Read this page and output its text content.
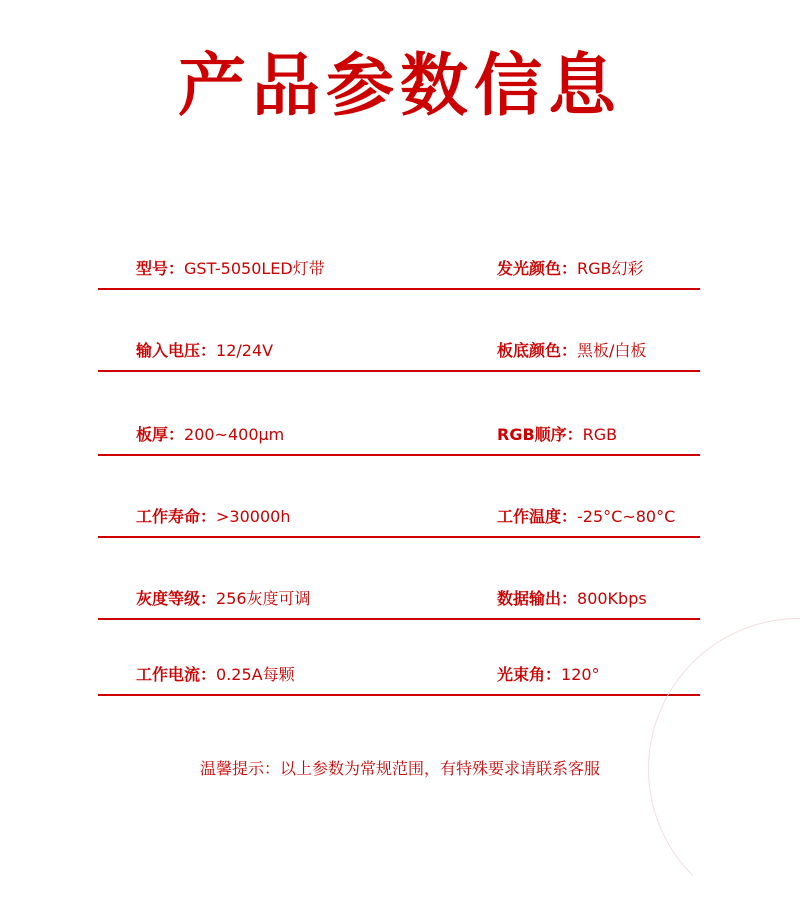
产品参数信息
型号：GST-5050LED灯带	发光颜色：RGB幻彩
输入电压：12/24V	板底颜色：黑板/白板
板厚：200~400μm	RGB顺序：RGB
工作寿命：>30000h	工作温度：-25°C~80°C
灰度等级：256灰度可调	数据输出：800Kbps
工作电流：0.25A每颗	光束角：120°
温馨提示：以上参数为常规范围，有特殊要求请联系客服
